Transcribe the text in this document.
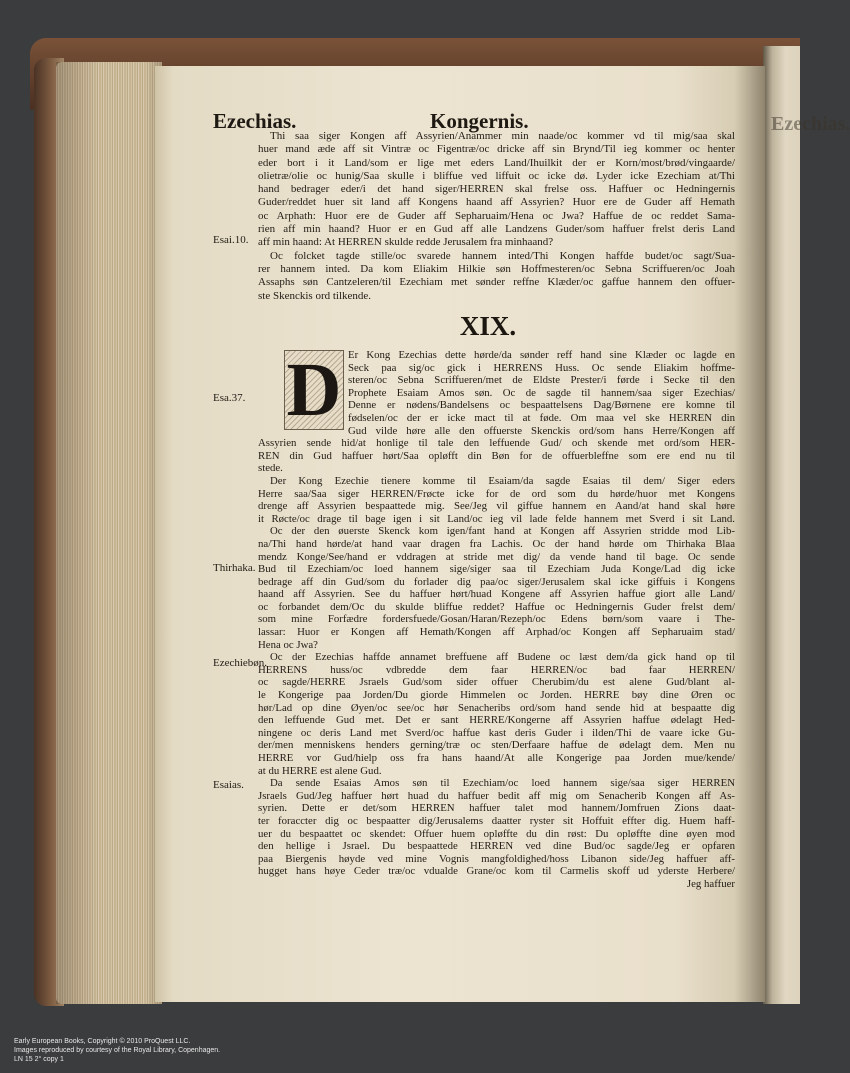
Ezechias.
Ezechias.	Kongernis.
Esai.10.
Esa.37.
Thirhaka.
Ezechiebøn.
Esaias.
Thi saa siger Kongen aff Assyrien/Anammer min naade/oc kommer vd til mig/saa skal
huer mand æde aff sit Vintræ oc Figentræ/oc dricke aff sin Brynd/Til ieg kommer oc henter
eder bort i it Land/som er lige met eders Land/Ihuilkit der er Korn/most/brød/vingaarde/
olietræ/olie oc hunig/Saa skulle i bliffue ved liffuit oc icke dø. Lyder icke Ezechiam at/Thi
hand bedrager eder/i det hand siger/HERREN skal frelse oss. Haffuer oc Hedningernis
Guder/reddet huer sit land aff Kongens haand aff Assyrien? Huor ere de Guder aff Hemath
oc Arphath: Huor ere de Guder aff Sepharuaim/Hena oc Jwa? Haffue de oc reddet Sama-
rien aff min haand? Huor er en Gud aff alle Landzens Guder/som haffuer frelst deris Land
aff min haand: At HERREN skulde redde Jerusalem fra minhaand?
Oc folcket tagde stille/oc svarede hannem inted/Thi Kongen haffde budet/oc sagt/Sua-
rer hannem inted. Da kom Eliakim Hilkie søn Hoffmesteren/oc Sebna Scriffueren/oc Joah
Assaphs søn Cantzeleren/til Ezechiam met sønder reffne Klæder/oc gaffue hannem den offuer-
ste Skenckis ord tilkende.
XIX.
D Er Kong Ezechias dette hørde/da sønder reff hand sine Klæder oc lagde en
Seck paa sig/oc gick i HERRENS Huss. Oc sende Eliakim hoffme-
steren/oc Sebna Scriffueren/met de Eldste Prester/i førde i Secke til den
Prophete Esaiam Amos søn. Oc de sagde til hannem/saa siger Ezechias/
Denne er nødens/Bandelsens oc bespaattelsens Dag/Børnene ere komne til
fødselen/oc der er icke mact til at føde. Om maa vel ske HERREN din
Gud vilde høre alle den offuerste Skenckis ord/som hans Herre/Kongen aff
Assyrien sende hid/at honlige til tale den leffuende Gud/ och skende met ord/som HER-
REN din Gud haffuer hørt/Saa opløfft din Bøn for de offuerbleffne som ere end nu til
stede.
Der Kong Ezechie tienere komme til Esaiam/da sagde Esaias til dem/ Siger eders
Herre saa/Saa siger HERREN/Frøcte icke for de ord som du hørde/huor met Kongens
drenge aff Assyrien bespaattede mig. See/Jeg vil giffue hannem en Aand/at hand skal høre
it Røcte/oc drage til bage igen i sit Land/oc ieg vil lade felde hannem met Sverd i sit Land.
Oc der den øuerste Skenck kom igen/fant hand at Kongen aff Assyrien stridde mod Lib-
na/Thi hand hørde/at hand vaar dragen fra Lachis. Oc der hand hørde om Thirhaka Blaa
mendz Konge/See/hand er vddragen at stride met dig/ da vende hand til bage. Oc sende
Bud til Ezechiam/oc loed hannem sige/siger saa til Ezechiam Juda Konge/Lad dig icke
bedrage aff din Gud/som du forlader dig paa/oc siger/Jerusalem skal icke giffuis i Kongens
haand aff Assyrien. See du haffuer hørt/huad Kongene aff Assyrien haffue giort alle Land/
oc forbandet dem/Oc du skulde bliffue reddet? Haffue oc Hedningernis Guder frelst dem/
som mine Forfædre fordersfuede/Gosan/Haran/Rezeph/oc Edens børn/som vaare i The-
lassar: Huor er Kongen aff Hemath/Kongen aff Arphad/oc Kongen aff Sepharuaim stad/
Hena oc Jwa?
Oc der Ezechias haffde annamet breffuene aff Budene oc læst dem/da gick hand op til
HERRENS huss/oc vdbredde dem faar HERREN/oc bad faar HERREN/
oc sagde/HERRE Jsraels Gud/som sider offuer Cherubim/du est alene Gud/blant al-
le Kongerige paa Jorden/Du giorde Himmelen oc Jorden. HERRE bøy dine Øren oc
hør/Lad op dine Øyen/oc see/oc hør Senacheribs ord/som hand sende hid at bespaatte dig
den leffuende Gud met. Det er sant HERRE/Kongerne aff Assyrien haffue ødelagt Hed-
ningene oc deris Land met Sverd/oc haffue kast deris Guder i ilden/Thi de vaare icke Gu-
der/men menniskens henders gerning/træ oc sten/Derfaare haffue de ødelagt dem. Men nu
HERRE vor Gud/hielp oss fra hans haand/At alle Kongerige paa Jorden mue/kende/
at du HERRE est alene Gud.
Da sende Esaias Amos søn til Ezechiam/oc loed hannem sige/saa siger HERREN
Jsraels Gud/Jeg haffuer hørt huad du haffuer bedit aff mig om Senacherib Kongen aff As-
syrien. Dette er det/som HERREN haffuer talet mod hannem/Jomfruen Zions daat-
ter foraccter dig oc bespaatter dig/Jerusalems daatter ryster sit Hoffuit effter dig. Huem haff-
uer du bespaattet oc skendet: Offuer huem opløffte du din røst: Du opløffte dine øyen mod
den hellige i Jsrael. Du bespaattede HERREN ved dine Bud/oc sagde/Jeg er opfaren
paa Biergenis høyde ved mine Vognis mangfoldighed/hoss Libanon side/Jeg haffuer aff-
hugget hans høye Ceder træ/oc vdualde Grane/oc kom til Carmelis skoff ud yderste Herbere/
Jeg haffuer
Early European Books, Copyright © 2010 ProQuest LLC.
Images reproduced by courtesy of the Royal Library, Copenhagen.
LN 15 2° copy 1
